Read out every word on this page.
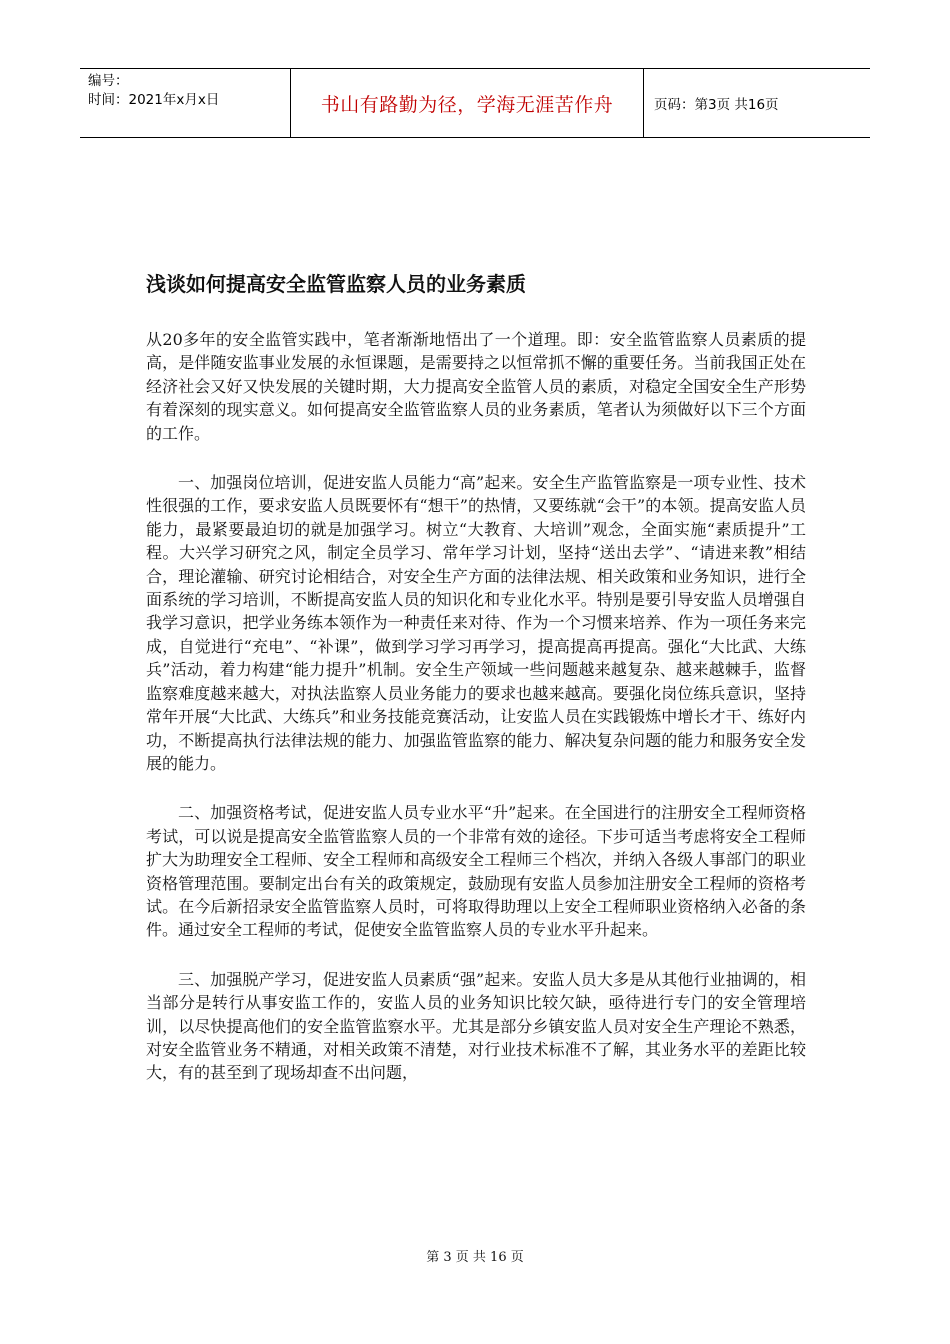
编号：
时间：2021年x月x日	书山有路勤为径，学海无涯苦作舟	页码：第3页 共16页
浅谈如何提高安全监管监察人员的业务素质

从20多年的安全监管实践中，笔者渐渐地悟出了一个道理。即：安全监管监察人员素质的提高，是伴随安监事业发展的永恒课题，是需要持之以恒常抓不懈的重要任务。当前我国正处在经济社会又好又快发展的关键时期，大力提高安全监管人员的素质，对稳定全国安全生产形势有着深刻的现实意义。如何提高安全监管监察人员的业务素质，笔者认为须做好以下三个方面的工作。

一、加强岗位培训，促进安监人员能力“高”起来。安全生产监管监察是一项专业性、技术性很强的工作，要求安监人员既要怀有“想干”的热情，又要练就“会干”的本领。提高安监人员能力，最紧要最迫切的就是加强学习。树立“大教育、大培训”观念，全面实施“素质提升”工程。大兴学习研究之风，制定全员学习、常年学习计划，坚持“送出去学”、“请进来教”相结合，理论灌输、研究讨论相结合，对安全生产方面的法律法规、相关政策和业务知识，进行全面系统的学习培训，不断提高安监人员的知识化和专业化水平。特别是要引导安监人员增强自我学习意识，把学业务练本领作为一种责任来对待、作为一个习惯来培养、作为一项任务来完成，自觉进行“充电”、“补课”，做到学习学习再学习，提高提高再提高。强化“大比武、大练兵”活动，着力构建“能力提升”机制。安全生产领域一些问题越来越复杂、越来越棘手，监督监察难度越来越大，对执法监察人员业务能力的要求也越来越高。要强化岗位练兵意识，坚持常年开展“大比武、大练兵”和业务技能竞赛活动，让安监人员在实践锻炼中增长才干、练好内功，不断提高执行法律法规的能力、加强监管监察的能力、解决复杂问题的能力和服务安全发展的能力。

二、加强资格考试，促进安监人员专业水平“升”起来。在全国进行的注册安全工程师资格考试，可以说是提高安全监管监察人员的一个非常有效的途径。下步可适当考虑将安全工程师扩大为助理安全工程师、安全工程师和高级安全工程师三个档次，并纳入各级人事部门的职业资格管理范围。要制定出台有关的政策规定，鼓励现有安监人员参加注册安全工程师的资格考试。在今后新招录安全监管监察人员时，可将取得助理以上安全工程师职业资格纳入必备的条件。通过安全工程师的考试，促使安全监管监察人员的专业水平升起来。

三、加强脱产学习，促进安监人员素质“强”起来。安监人员大多是从其他行业抽调的，相当部分是转行从事安监工作的，安监人员的业务知识比较欠缺，亟待进行专门的安全管理培训，以尽快提高他们的安全监管监察水平。尤其是部分乡镇安监人员对安全生产理论不熟悉，对安全监管业务不精通，对相关政策不清楚，对行业技术标准不了解，其业务水平的差距比较大，有的甚至到了现场却查不出问题，

第 3 页 共 16 页
